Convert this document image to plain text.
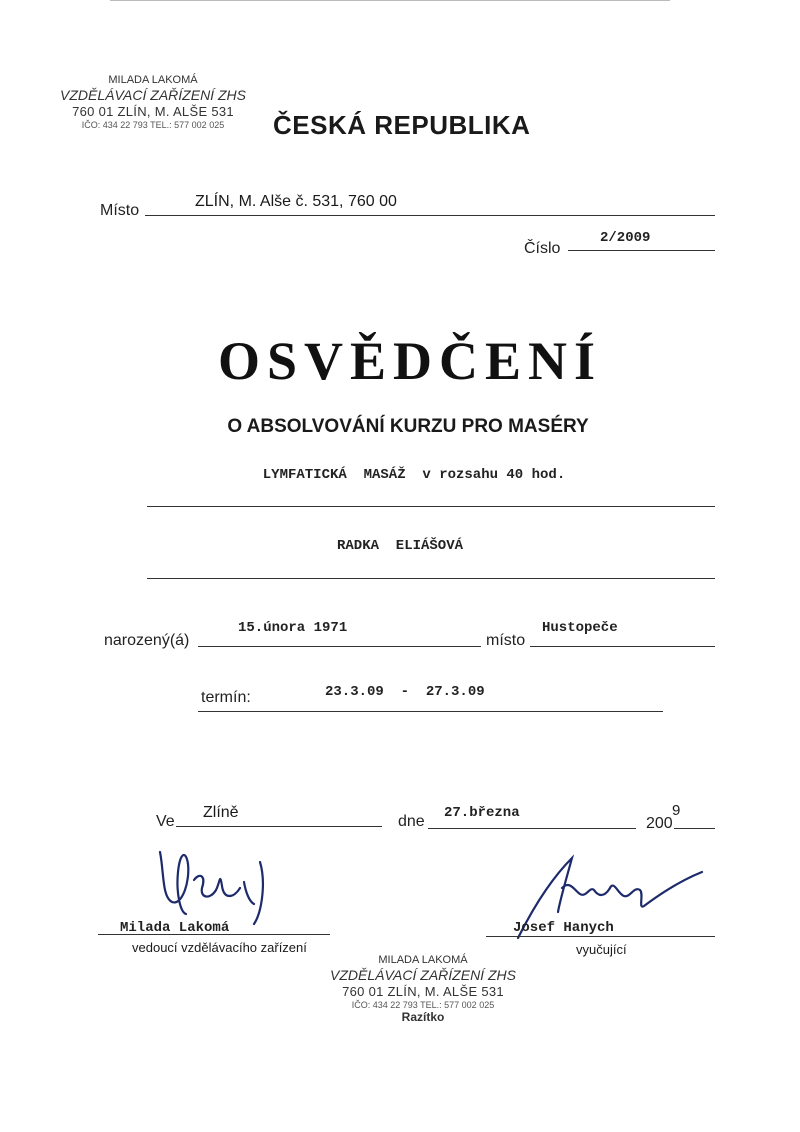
MILADA LAKOMÁ
VZDĚLÁVACÍ ZAŘÍZENÍ ZHS
760 01 ZLÍN, M. ALŠE 531
IČO: 434 22 793 TEL.: 577 002 025	ČESKÁ REPUBLIKA
Místo
ZLÍN, M. Alše č. 531, 760 00
Číslo
2/2009
OSVĚDČENÍ
O ABSOLVOVÁNÍ KURZU PRO MASÉRY
LYMFATICKÁ  MASÁŽ  v rozsahu 40 hod.
RADKA  ELIÁŠOVÁ
narozený(á)
15.února 1971
místo
Hustopeče
termín:	23.3.09  -  27.3.09
Ve
Zlíně
dne 27.března
200
9
Milada Lakomá
vedoucí vzdělávacího zařízení
Josef Hanych
vyučující
MILADA LAKOMÁ
VZDĚLÁVACÍ ZAŘÍZENÍ ZHS
760 01 ZLÍN, M. ALŠE 531
IČO: 434 22 793 TEL.: 577 002 025
Razítko
